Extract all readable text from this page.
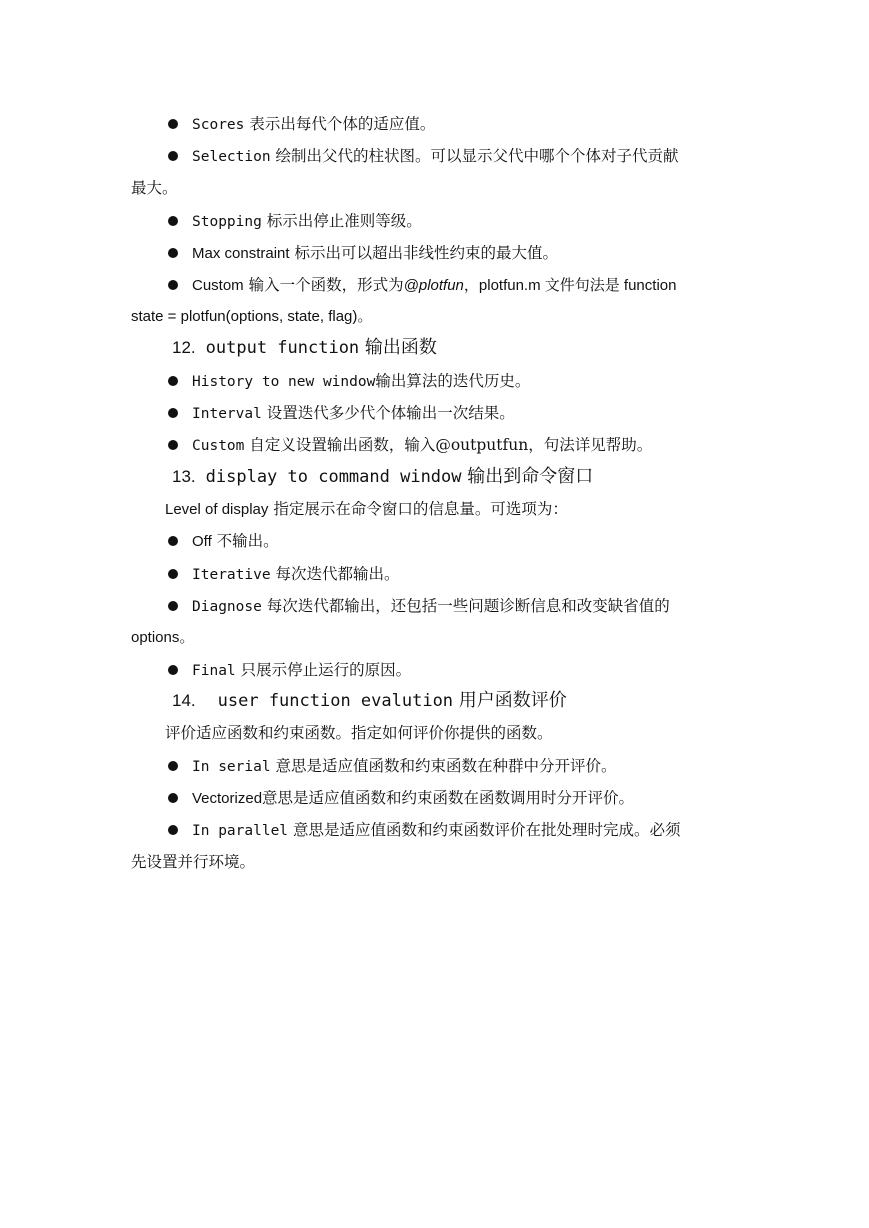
Scores 表示出每代个体的适应值。
Selection 绘制出父代的柱状图。可以显示父代中哪个个体对子代贡献
最大。
Stopping 标示出停止准则等级。
Max constraint 标示出可以超出非线性约束的最大值。
Custom 输入一个函数，形式为@plotfun，plotfun.m 文件句法是 function
state = plotfun(options, state, flag)。
12. output function 输出函数
History to new window输出算法的迭代历史。
Interval 设置迭代多少代个体输出一次结果。
Custom 自定义设置输出函数，输入@outputfun，句法详见帮助。
13. display to command window 输出到命令窗口
Level of display 指定展示在命令窗口的信息量。可选项为：
Off 不输出。
Iterative 每次迭代都输出。
Diagnose 每次迭代都输出，还包括一些问题诊断信息和改变缺省值的
options。
Final 只展示停止运行的原因。
14. user function evalution 用户函数评价
评价适应函数和约束函数。指定如何评价你提供的函数。
In serial 意思是适应值函数和约束函数在种群中分开评价。
Vectorized意思是适应值函数和约束函数在函数调用时分开评价。
In parallel 意思是适应值函数和约束函数评价在批处理时完成。必须
先设置并行环境。
